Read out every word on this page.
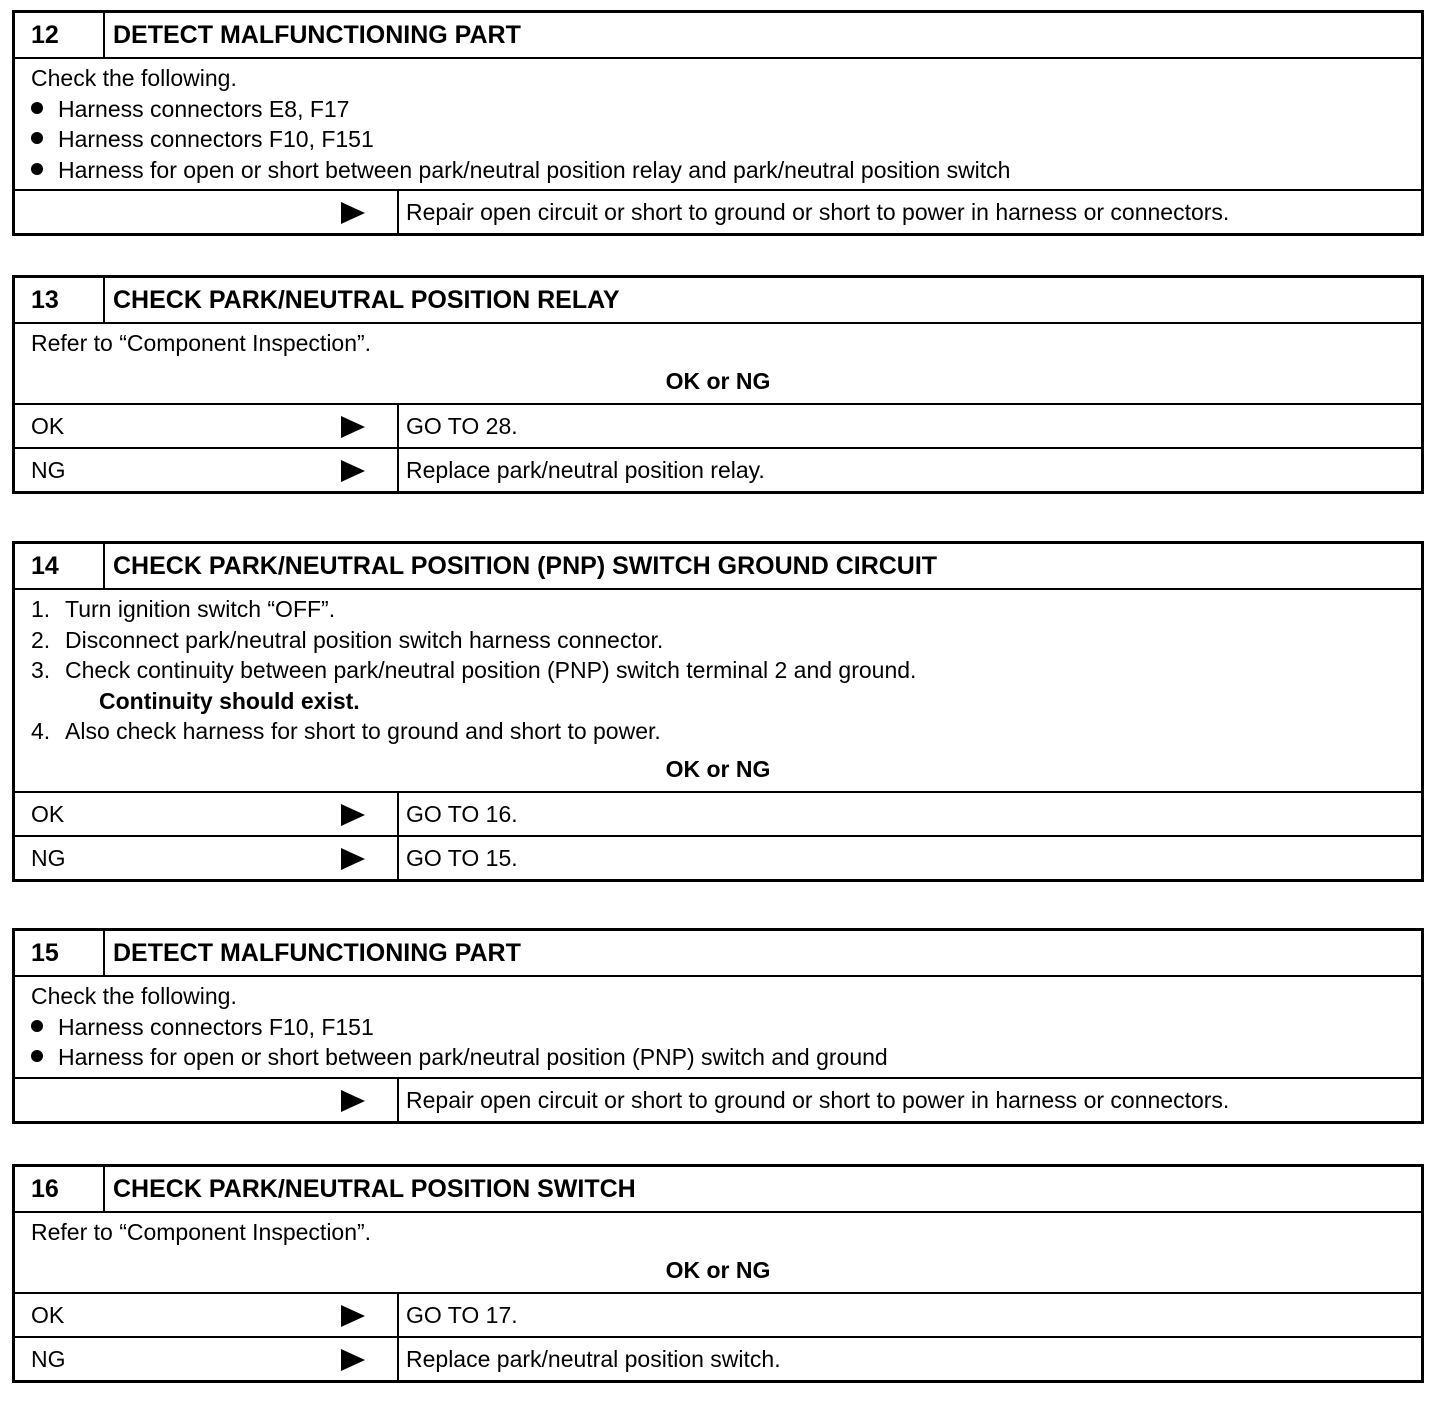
12	DETECT MALFUNCTIONING PART
Check the following.
Harness connectors E8, F17
Harness connectors F10, F151
Harness for open or short between park/neutral position relay and park/neutral position switch
Repair open circuit or short to ground or short to power in harness or connectors.
13	CHECK PARK/NEUTRAL POSITION RELAY
Refer to “Component Inspection”.
OK or NG
OK	GO TO 28.
NG	Replace park/neutral position relay.
14	CHECK PARK/NEUTRAL POSITION (PNP) SWITCH GROUND CIRCUIT
1. Turn ignition switch “OFF”.
2. Disconnect park/neutral position switch harness connector.
3. Check continuity between park/neutral position (PNP) switch terminal 2 and ground.
Continuity should exist.
4. Also check harness for short to ground and short to power.
OK or NG
OK	GO TO 16.
NG	GO TO 15.
15	DETECT MALFUNCTIONING PART
Check the following.
Harness connectors F10, F151
Harness for open or short between park/neutral position (PNP) switch and ground
Repair open circuit or short to ground or short to power in harness or connectors.
16	CHECK PARK/NEUTRAL POSITION SWITCH
Refer to “Component Inspection”.
OK or NG
OK	GO TO 17.
NG	Replace park/neutral position switch.
